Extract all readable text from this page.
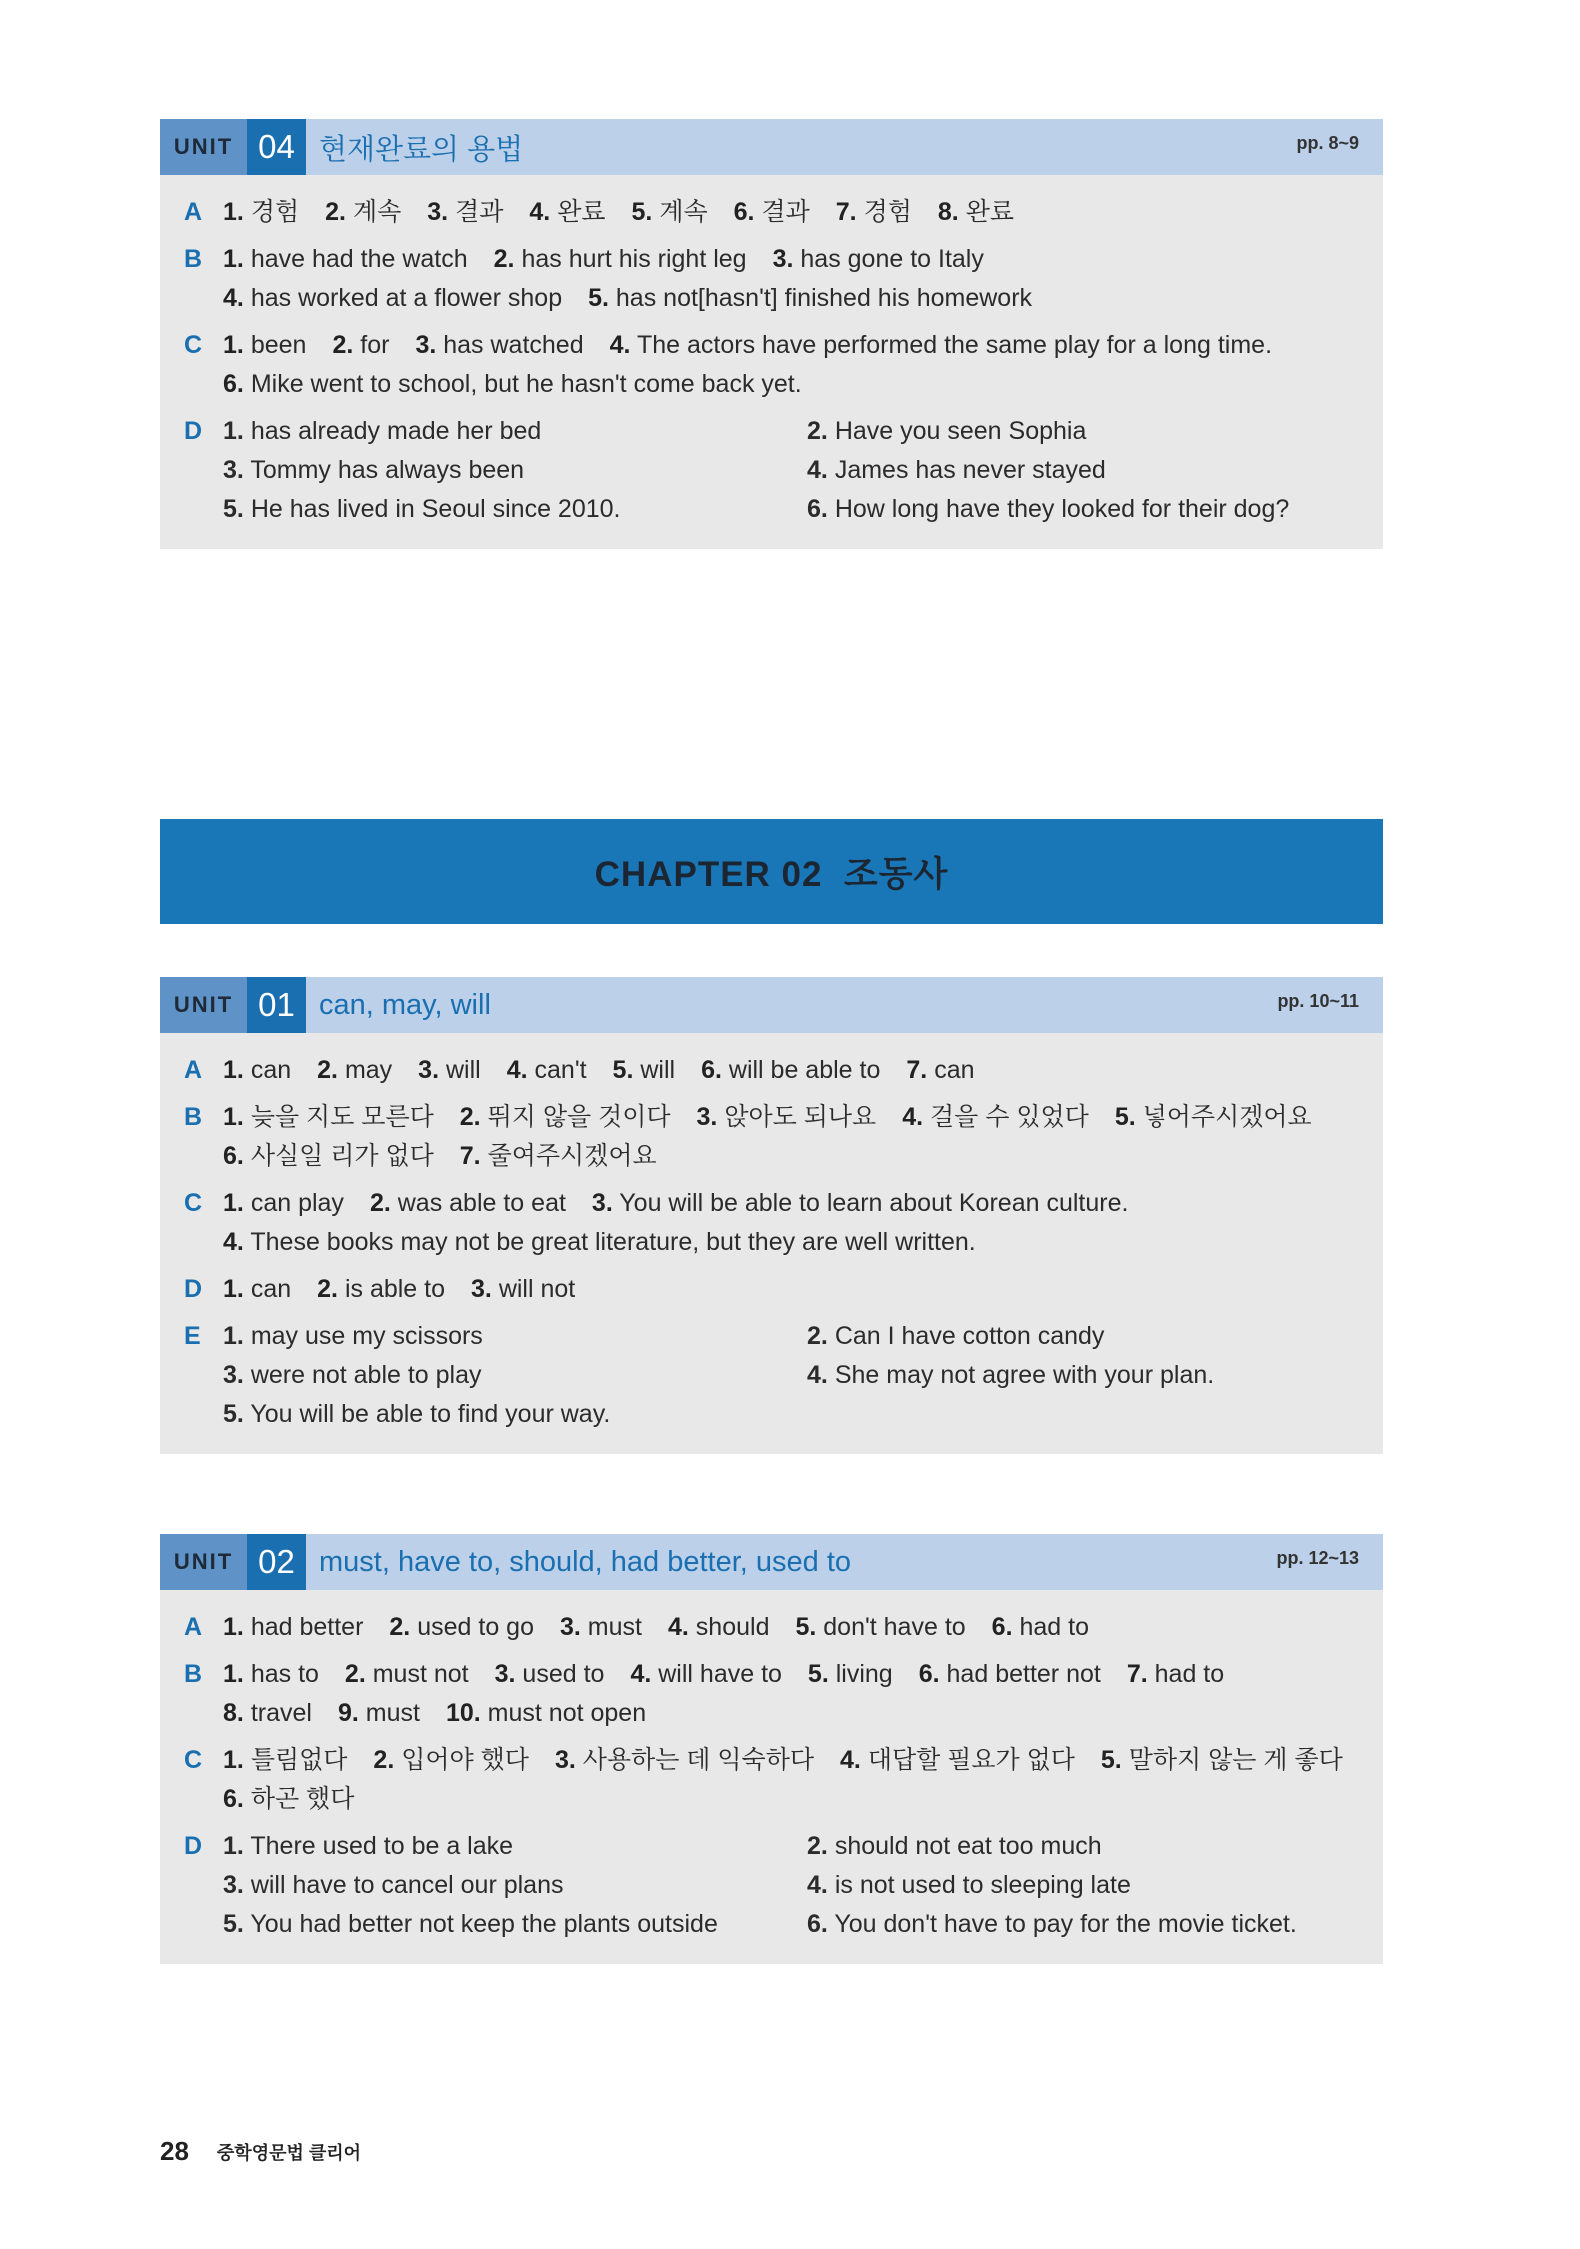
UNIT 04 현재완료의 용법	pp. 8~9
A 1. 경험 2. 계속 3. 결과 4. 완료 5. 계속 6. 결과 7. 경험 8. 완료
B 1. have had the watch 2. has hurt his right leg 3. has gone to Italy
4. has worked at a flower shop 5. has not[hasn't] finished his homework
C 1. been 2. for 3. has watched 4. The actors have performed the same play for a long time.
6. Mike went to school, but he hasn't come back yet.
D 1. has already made her bed	2. Have you seen Sophia
3. Tommy has always been	4. James has never stayed
5. He has lived in Seoul since 2010.	6. How long have they looked for their dog?
CHAPTER 02  조동사
UNIT 01 can, may, will	pp. 10~11
A 1. can 2. may 3. will 4. can't 5. will 6. will be able to 7. can
B 1. 늦을 지도 모른다 2. 뛰지 않을 것이다 3. 앉아도 되나요 4. 걸을 수 있었다 5. 넣어주시겠어요
6. 사실일 리가 없다 7. 줄여주시겠어요
C 1. can play 2. was able to eat 3. You will be able to learn about Korean culture.
4. These books may not be great literature, but they are well written.
D 1. can 2. is able to 3. will not
E 1. may use my scissors	2. Can I have cotton candy
3. were not able to play	4. She may not agree with your plan.
5. You will be able to find your way.
UNIT 02 must, have to, should, had better, used to	pp. 12~13
A 1. had better 2. used to go 3. must 4. should 5. don't have to 6. had to
B 1. has to 2. must not 3. used to 4. will have to 5. living 6. had better not 7. had to
8. travel 9. must 10. must not open
C 1. 틀림없다 2. 입어야 했다 3. 사용하는 데 익숙하다 4. 대답할 필요가 없다 5. 말하지 않는 게 좋다
6. 하곤 했다
D 1. There used to be a lake	2. should not eat too much
3. will have to cancel our plans	4. is not used to sleeping late
5. You had better not keep the plants outside	6. You don't have to pay for the movie ticket.
28 중학영문법 클리어
